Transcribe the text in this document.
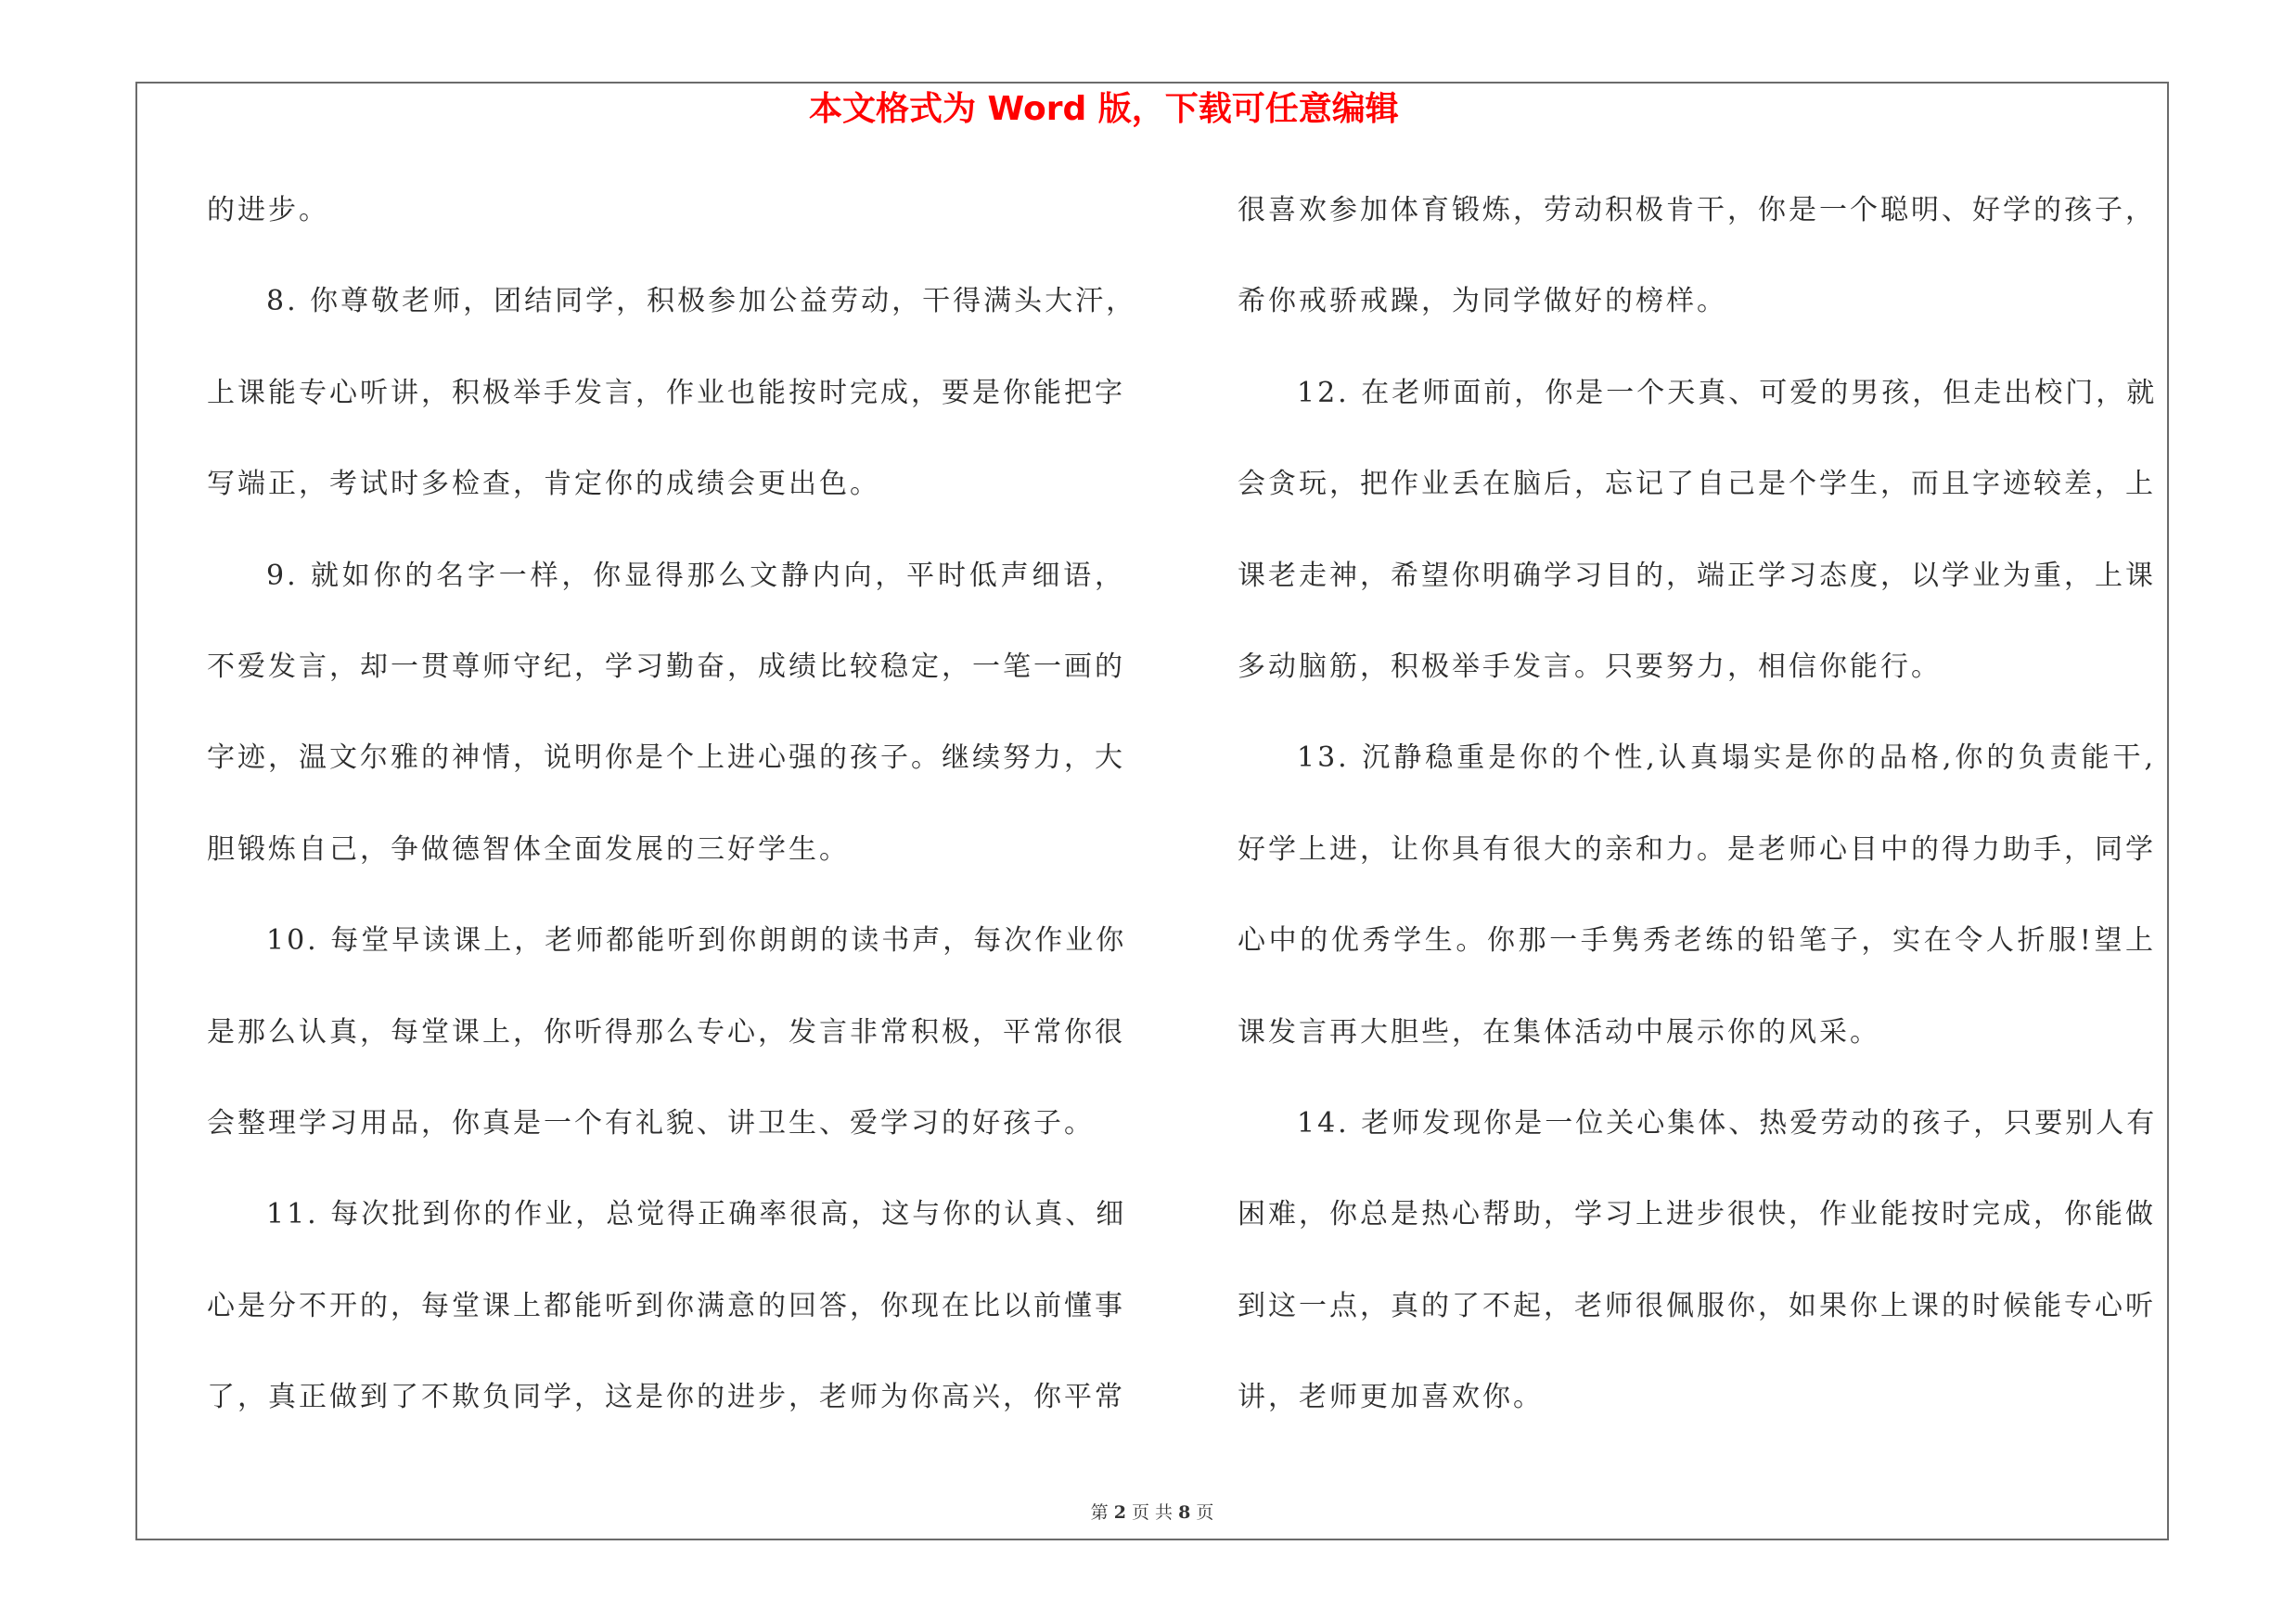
本文格式为 Word 版，下载可任意编辑
的进步。
8. 你尊敬老师，团结同学，积极参加公益劳动，干得满头大汗，
上课能专心听讲，积极举手发言，作业也能按时完成，要是你能把字
写端正，考试时多检查，肯定你的成绩会更出色。
9. 就如你的名字一样，你显得那么文静内向，平时低声细语，
不爱发言，却一贯尊师守纪，学习勤奋，成绩比较稳定，一笔一画的
字迹，温文尔雅的神情，说明你是个上进心强的孩子。继续努力，大
胆锻炼自己，争做德智体全面发展的三好学生。
10. 每堂早读课上，老师都能听到你朗朗的读书声，每次作业你
是那么认真，每堂课上，你听得那么专心，发言非常积极，平常你很
会整理学习用品，你真是一个有礼貌、讲卫生、爱学习的好孩子。
11. 每次批到你的作业，总觉得正确率很高，这与你的认真、细
心是分不开的，每堂课上都能听到你满意的回答，你现在比以前懂事
了，真正做到了不欺负同学，这是你的进步，老师为你高兴，你平常
很喜欢参加体育锻炼，劳动积极肯干，你是一个聪明、好学的孩子，
希你戒骄戒躁，为同学做好的榜样。
12. 在老师面前，你是一个天真、可爱的男孩，但走出校门，就
会贪玩，把作业丢在脑后，忘记了自己是个学生，而且字迹较差，上
课老走神，希望你明确学习目的，端正学习态度，以学业为重，上课
多动脑筋，积极举手发言。只要努力，相信你能行。
13. 沉静稳重是你的个性,认真塌实是你的品格,你的负责能干,
好学上进，让你具有很大的亲和力。是老师心目中的得力助手，同学
心中的优秀学生。你那一手隽秀老练的铅笔子，实在令人折服!望上
课发言再大胆些，在集体活动中展示你的风采。
14. 老师发现你是一位关心集体、热爱劳动的孩子，只要别人有
困难，你总是热心帮助，学习上进步很快，作业能按时完成，你能做
到这一点，真的了不起，老师很佩服你，如果你上课的时候能专心听
讲，老师更加喜欢你。
第 2 页 共 8 页
